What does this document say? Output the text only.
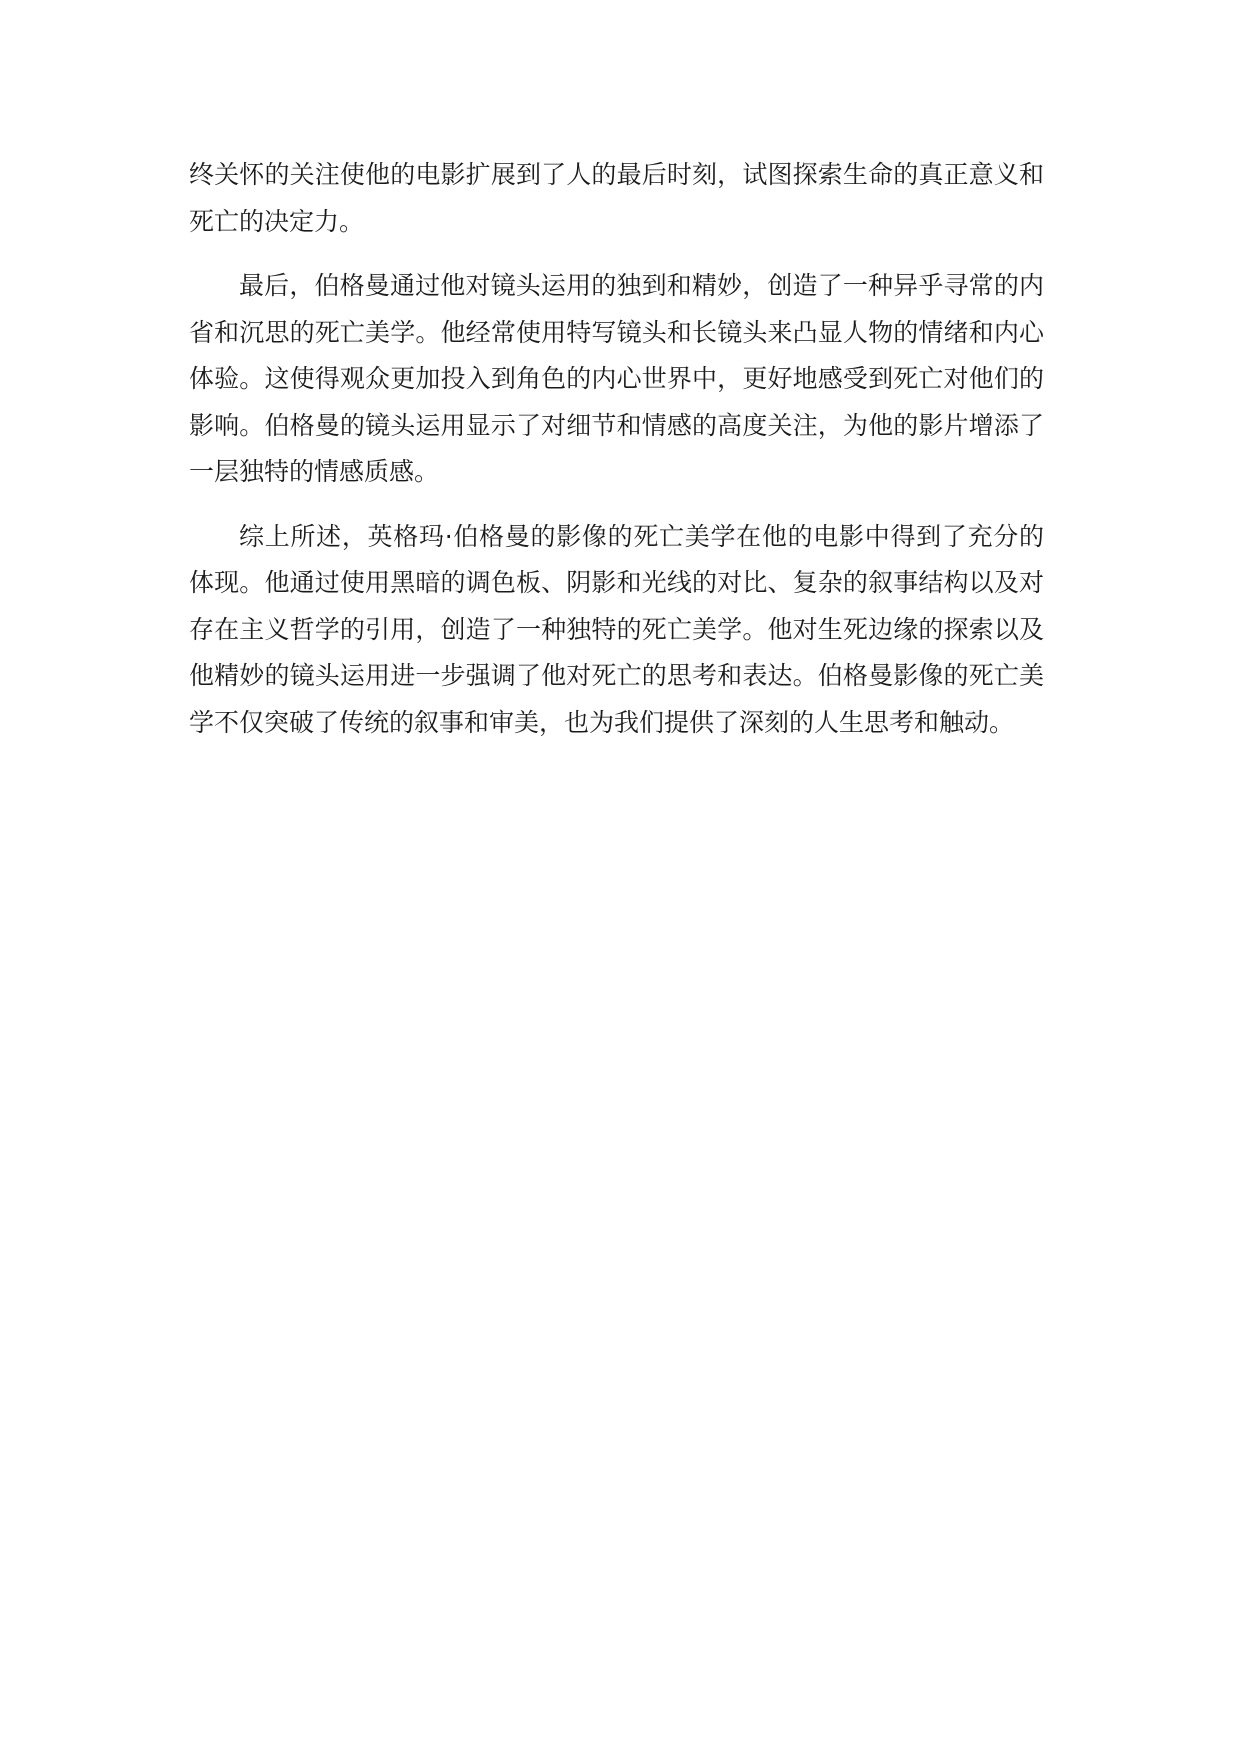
终关怀的关注使他的电影扩展到了人的最后时刻，试图探索生命的真正意义和死亡的决定力。

最后，伯格曼通过他对镜头运用的独到和精妙，创造了一种异乎寻常的内省和沉思的死亡美学。他经常使用特写镜头和长镜头来凸显人物的情绪和内心体验。这使得观众更加投入到角色的内心世界中，更好地感受到死亡对他们的影响。伯格曼的镜头运用显示了对细节和情感的高度关注，为他的影片增添了一层独特的情感质感。

综上所述，英格玛·伯格曼的影像的死亡美学在他的电影中得到了充分的体现。他通过使用黑暗的调色板、阴影和光线的对比、复杂的叙事结构以及对存在主义哲学的引用，创造了一种独特的死亡美学。他对生死边缘的探索以及他精妙的镜头运用进一步强调了他对死亡的思考和表达。伯格曼影像的死亡美学不仅突破了传统的叙事和审美，也为我们提供了深刻的人生思考和触动。
